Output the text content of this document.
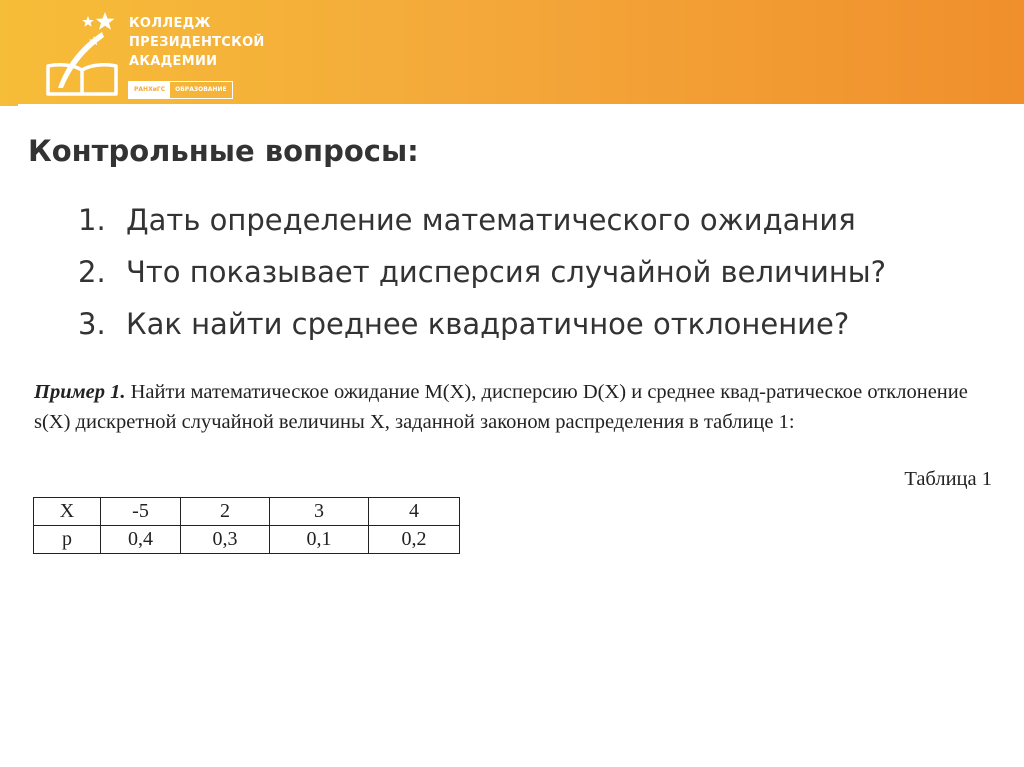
КОЛЛЕДЖ
ПРЕЗИДЕНТСКОЙ
АКАДЕМИИ
РАНХиГС	ОБРАЗОВАНИЕ
Контрольные вопросы:
1. Дать определение математического ожидания
2. Что показывает дисперсия случайной величины?
3. Как найти среднее квадратичное отклонение?
Пример 1. Найти математическое ожидание M(X), дисперсию D(X) и среднее квад-ратическое отклонение s(X) дискретной случайной величины X, заданной законом распределения в таблице 1:
Таблица 1
X	-5	2	3	4
p	0,4	0,3	0,1	0,2
